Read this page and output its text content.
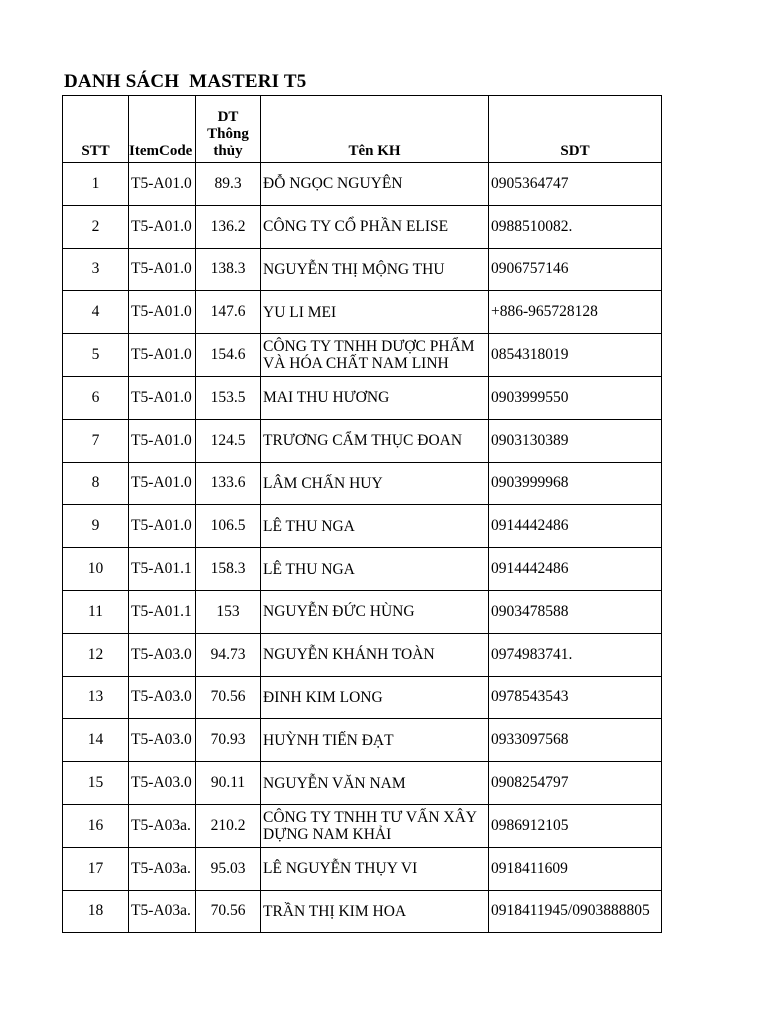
DANH SÁCH  MASTERI T5
STT	ItemCode	DT Thông thủy	Tên KH	SDT
1	T5-A01.0	89.3	ĐỖ NGỌC NGUYÊN	0905364747
2	T5-A01.0	136.2	CÔNG TY CỔ PHẦN ELISE	0988510082.
3	T5-A01.0	138.3	NGUYỄN THỊ MỘNG THU	0906757146
4	T5-A01.0	147.6	YU LI MEI	+886-965728128
5	T5-A01.0	154.6	CÔNG TY TNHH DƯỢC PHẨM VÀ HÓA CHẤT NAM LINH	0854318019
6	T5-A01.0	153.5	MAI THU HƯƠNG	0903999550
7	T5-A01.0	124.5	TRƯƠNG CẨM THỤC ĐOAN	0903130389
8	T5-A01.0	133.6	LÂM CHẤN HUY	0903999968
9	T5-A01.0	106.5	LÊ THU NGA	0914442486
10	T5-A01.1	158.3	LÊ THU NGA	0914442486
11	T5-A01.1	153	NGUYỄN ĐỨC HÙNG	0903478588
12	T5-A03.0	94.73	NGUYỄN KHÁNH TOÀN	0974983741.
13	T5-A03.0	70.56	ĐINH KIM LONG	0978543543
14	T5-A03.0	70.93	HUỲNH TIẾN ĐẠT	0933097568
15	T5-A03.0	90.11	NGUYỄN VĂN NAM	0908254797
16	T5-A03a.	210.2	CÔNG TY TNHH TƯ VẤN XÂY DỰNG NAM KHẢI	0986912105
17	T5-A03a.	95.03	LÊ NGUYỄN THỤY VI	0918411609
18	T5-A03a.	70.56	TRẦN THỊ KIM HOA	0918411945/0903888805
